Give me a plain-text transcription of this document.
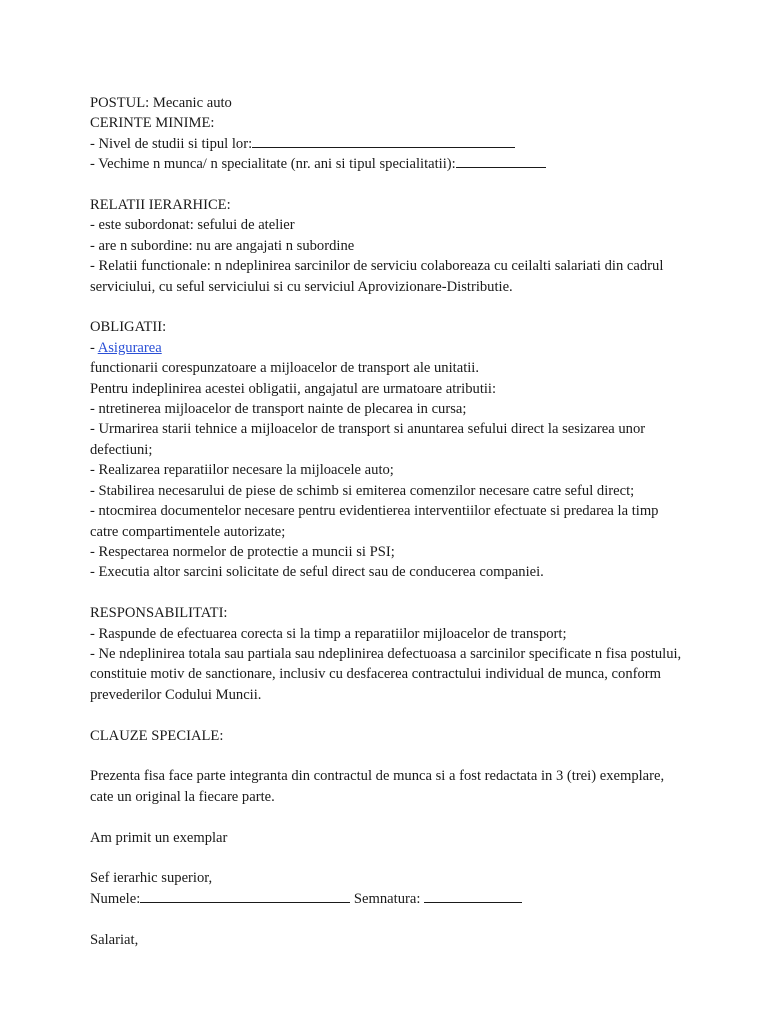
POSTUL: Mecanic auto
CERINTE MINIME:
- Nivel de studii si tipul lor:
- Vechime n munca/ n specialitate (nr. ani si tipul specialitatii):
RELATII IERARHICE:
- este subordonat: sefului de atelier
- are n subordine: nu are angajati n subordine
- Relatii functionale: n ndeplinirea sarcinilor de serviciu colaboreaza cu ceilalti salariati din cadrul serviciului, cu seful serviciului si cu serviciul Aprovizionare-Distributie.
OBLIGATII:
- Asigurarea
functionarii corespunzatoare a mijloacelor de transport ale unitatii.
Pentru indeplinirea acestei obligatii, angajatul are urmatoare atributii:
- ntretinerea mijloacelor de transport nainte de plecarea in cursa;
- Urmarirea starii tehnice a mijloacelor de transport si anuntarea sefului direct la sesizarea unor defectiuni;
- Realizarea reparatiilor necesare la mijloacele auto;
- Stabilirea necesarului de piese de schimb si emiterea comenzilor necesare catre seful direct;
- ntocmirea documentelor necesare pentru evidentierea interventiilor efectuate si predarea la timp catre compartimentele autorizate;
- Respectarea normelor de protectie a muncii si PSI;
- Executia altor sarcini solicitate de seful direct sau de conducerea companiei.
RESPONSABILITATI:
- Raspunde de efectuarea corecta si la timp a reparatiilor mijloacelor de transport;
- Ne ndeplinirea totala sau partiala sau ndeplinirea defectuoasa a sarcinilor specificate n fisa postului, constituie motiv de sanctionare, inclusiv cu desfacerea contractului individual de munca, conform prevederilor Codului Muncii.
CLAUZE SPECIALE:
Prezenta fisa face parte integranta din contractul de munca si a fost redactata in 3 (trei) exemplare, cate un original la fiecare parte.
Am primit un exemplar
Sef ierarhic superior,
Numele:	Semnatura:
Salariat,
